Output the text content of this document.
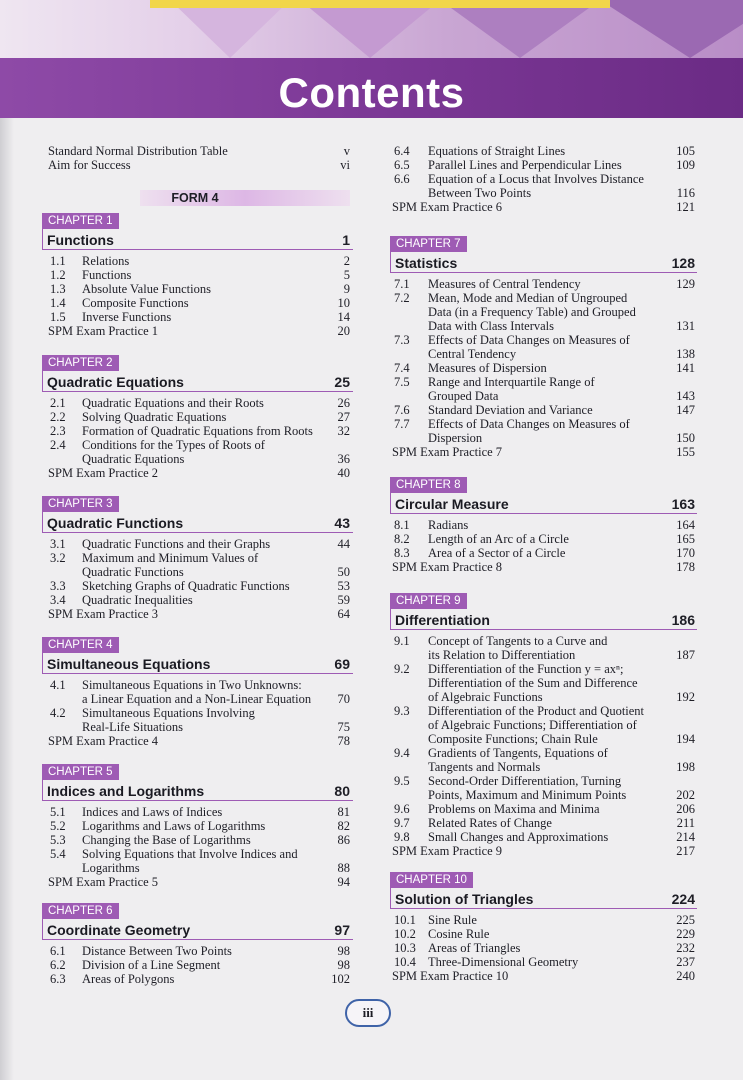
Contents
Standard Normal Distribution Table	v
Aim for Success	vi
CHAPTER 1
Functions	1
1.1 Relations	2
1.2 Functions	5
1.3 Absolute Value Functions	9
1.4 Composite Functions	10
1.5 Inverse Functions	14
SPM Exam Practice 1	20
CHAPTER 2
Quadratic Equations	25
2.1 Quadratic Equations and their Roots	26
2.2 Solving Quadratic Equations	27
2.3 Formation of Quadratic Equations from Roots	32
2.4 Conditions for the Types of Roots of
Quadratic Equations	36
SPM Exam Practice 2	40
CHAPTER 3
Quadratic Functions	43
3.1 Quadratic Functions and their Graphs	44
3.2 Maximum and Minimum Values of
Quadratic Functions	50
3.3 Sketching Graphs of Quadratic Functions	53
3.4 Quadratic Inequalities	59
SPM Exam Practice 3	64
CHAPTER 4
Simultaneous Equations	69
4.1 Simultaneous Equations in Two Unknowns:
a Linear Equation and a Non-Linear Equation	70
4.2 Simultaneous Equations Involving
Real-Life Situations	75
SPM Exam Practice 4	78
CHAPTER 5
Indices and Logarithms	80
5.1 Indices and Laws of Indices	81
5.2 Logarithms and Laws of Logarithms	82
5.3 Changing the Base of Logarithms	86
5.4 Solving Equations that Involve Indices and
Logarithms	88
SPM Exam Practice 5	94
CHAPTER 6
Coordinate Geometry	97
6.1 Distance Between Two Points	98
6.2 Division of a Line Segment	98
6.3 Areas of Polygons	102
6.4 Equations of Straight Lines	105
6.5 Parallel Lines and Perpendicular Lines	109
6.6 Equation of a Locus that Involves Distance
Between Two Points	116
SPM Exam Practice 6	121
CHAPTER 7
Statistics	128
7.1 Measures of Central Tendency	129
7.2 Mean, Mode and Median of Ungrouped
Data (in a Frequency Table) and Grouped
Data with Class Intervals	131
7.3 Effects of Data Changes on Measures of
Central Tendency	138
7.4 Measures of Dispersion	141
7.5 Range and Interquartile Range of
Grouped Data	143
7.6 Standard Deviation and Variance	147
7.7 Effects of Data Changes on Measures of
Dispersion	150
SPM Exam Practice 7	155
CHAPTER 8
Circular Measure	163
8.1 Radians	164
8.2 Length of an Arc of a Circle	165
8.3 Area of a Sector of a Circle	170
SPM Exam Practice 8	178
CHAPTER 9
Differentiation	186
9.1 Concept of Tangents to a Curve and
its Relation to Differentiation	187
9.2 Differentiation of the Function y = axⁿ;
Differentiation of the Sum and Difference
of Algebraic Functions	192
9.3 Differentiation of the Product and Quotient
of Algebraic Functions; Differentiation of
Composite Functions; Chain Rule	194
9.4 Gradients of Tangents, Equations of
Tangents and Normals	198
9.5 Second-Order Differentiation, Turning
Points, Maximum and Minimum Points	202
9.6 Problems on Maxima and Minima	206
9.7 Related Rates of Change	211
9.8 Small Changes and Approximations	214
SPM Exam Practice 9	217
CHAPTER 10
Solution of Triangles	224
10.1 Sine Rule	225
10.2 Cosine Rule	229
10.3 Areas of Triangles	232
10.4 Three-Dimensional Geometry	237
SPM Exam Practice 10	240
FORM 4
iii
